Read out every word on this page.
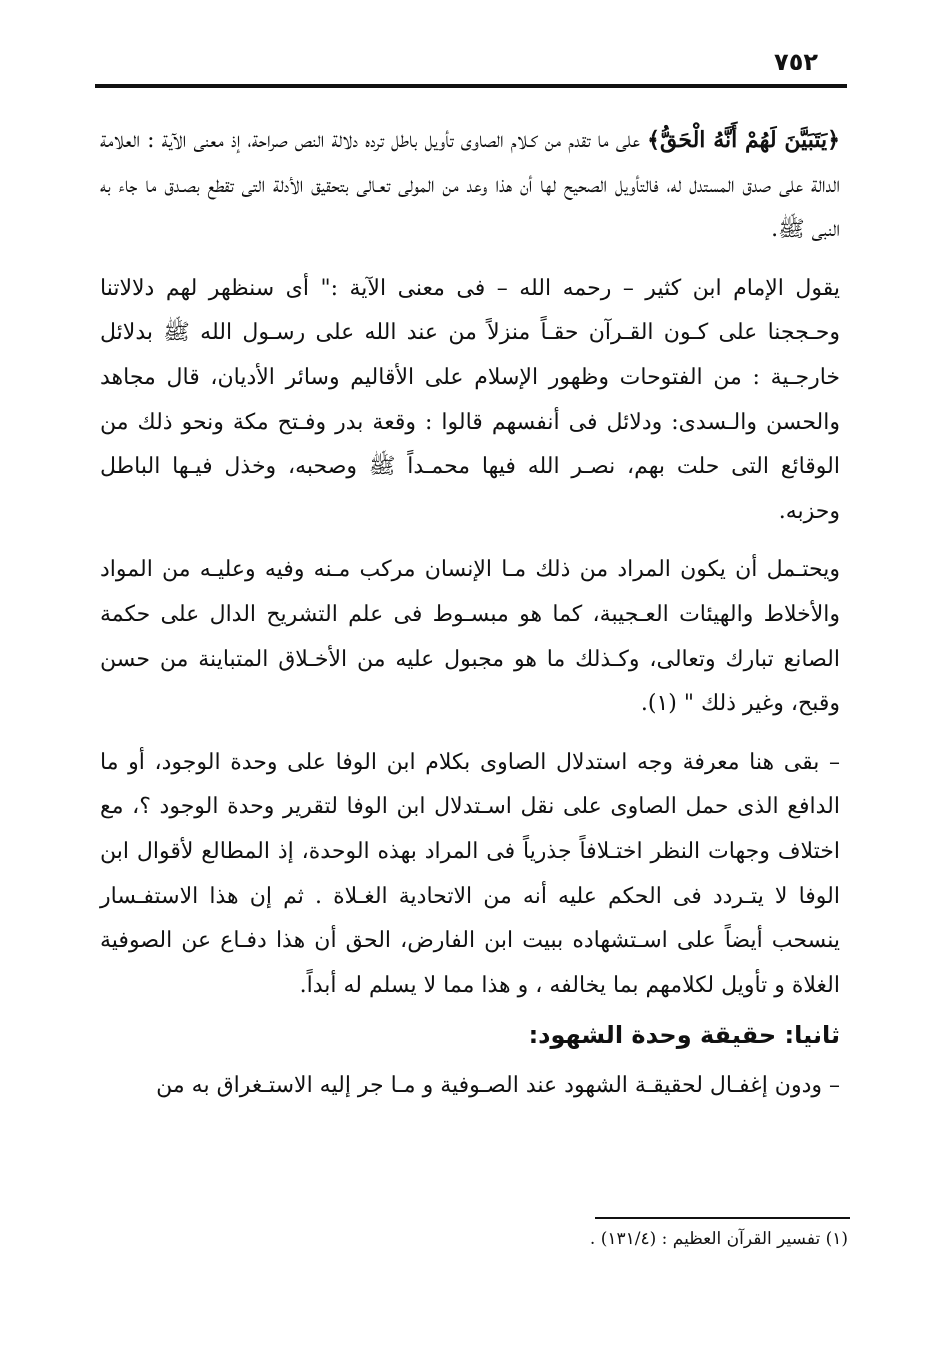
٧٥٢

﴿يَتَبَيَّنَ لَهُمْ أَنَّهُ الْحَقُّ﴾ على ما تقدم من كـلام الصاوى تأويل باطل ترده دلالة النص صراحة، إذ معنى الآية : العلامة الدالة على صدق المستدل له، فالتأويل الصحيح لها أن هذا وعد من المولى تعـالى بتحقيق الأدلة التى تقطع بصـدق ما جاء به النبى ﷺ.

يقول الإمام ابن كثير – رحمه الله – فى معنى الآية :" أى سنظهر لهم دلالاتنا وحـججنا على كـون القـرآن حقـاً منزلاً من عند الله على رسـول الله ﷺ بدلائل خارجـية : من الفتوحات وظهور الإسلام على الأقاليم وسائر الأديان، قال مجاهد والحسن والـسدى: ودلائل فى أنفسهم قالوا : وقعة بدر وفـتح مكة ونحو ذلك من الوقائع التى حلت بهم، نصـر الله فيها محمـداً ﷺ وصحبه، وخذل فيـها الباطل وحزبه.

ويحتـمل أن يكون المراد من ذلك مـا الإنسان مركب مـنه وفيه وعليـه من المواد والأخلاط والهيئات العـجيبة، كما هو مبسـوط فى علم التشريح الدال على حكمة الصانع تبارك وتعالى، وكـذلك ما هو مجبول عليه من الأخـلاق المتباينة من حسن وقبح، وغير ذلك " (١).

– بقى هنا معرفة وجه استدلال الصاوى بكلام ابن الوفا على وحدة الوجود، أو ما الدافع الذى حمل الصاوى على نقل اسـتدلال ابن الوفا لتقرير وحدة الوجود ؟، مع اختلاف وجهات النظر اختـلافاً جذرياً فى المراد بهذه الوحدة، إذ المطالع لأقوال ابن الوفا لا يتـردد فى الحكم عليه أنه من الاتحادية الغـلاة . ثم إن هذا الاستفـسار ينسحب أيضاً على اسـتشهاده ببيت ابن الفارض، الحق أن هذا دفـاع عن الصوفية الغلاة و تأويل لكلامهم بما يخالفه ، و هذا مما لا يسلم له أبداً.

ثانيا: حقيقة وحدة الشهود:

– ودون إغفـال لحقيقـة الشهود عند الصـوفية و مـا جر إليه الاستـغراق به من

(١) تفسير القرآن العظيم : (١٣١/٤) .
